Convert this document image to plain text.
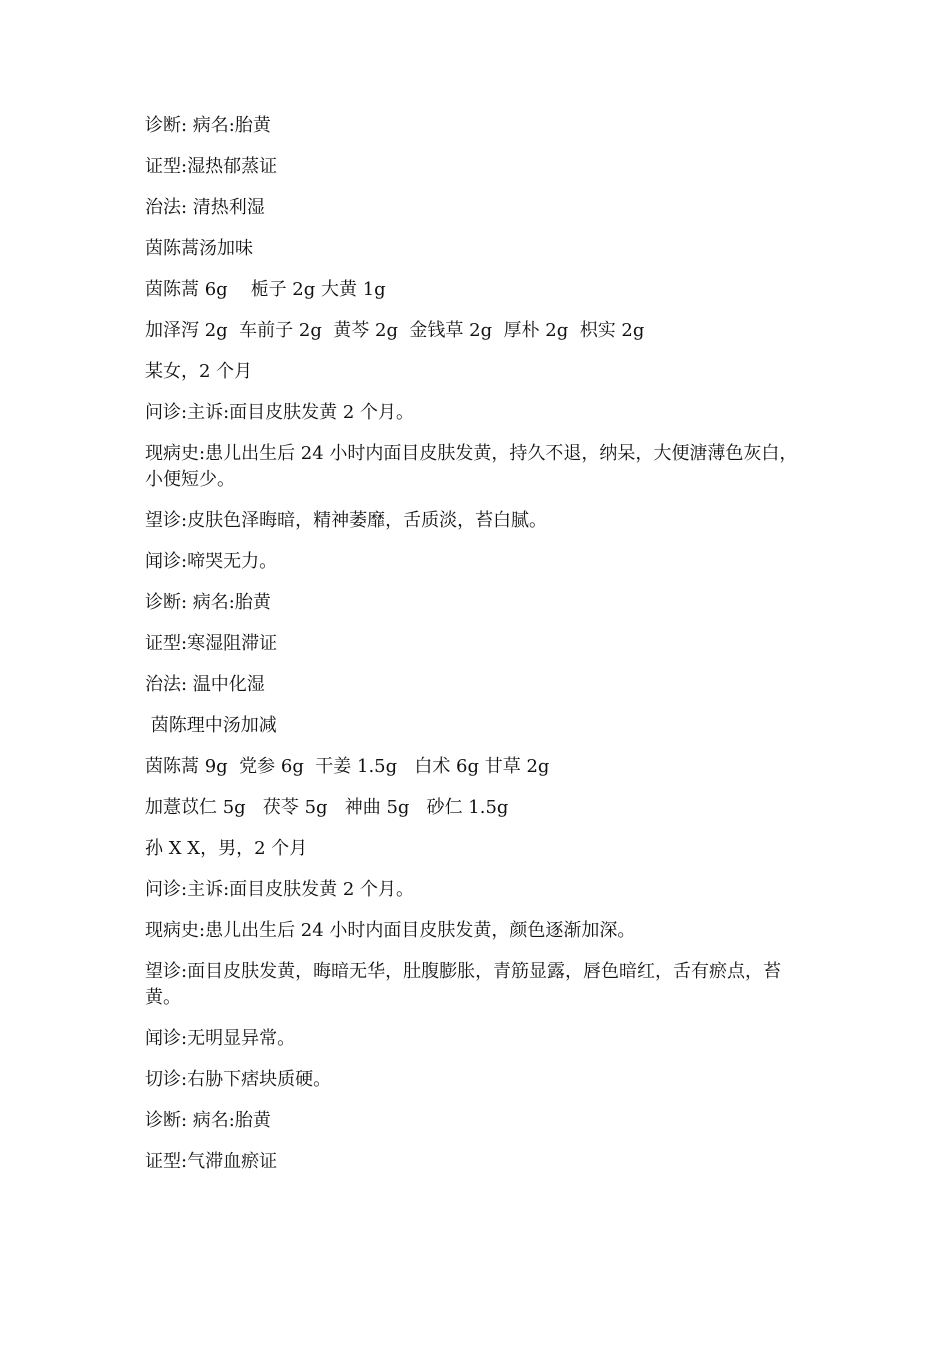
诊断: 病名:胎黄

证型:湿热郁蒸证

治法: 清热利湿

茵陈蒿汤加味

茵陈蒿 6g    栀子 2g 大黄 1g

加泽泻 2g  车前子 2g  黄芩 2g  金钱草 2g  厚朴 2g  枳实 2g

某女，2 个月

问诊:主诉:面目皮肤发黄 2 个月。

现病史:患儿出生后 24 小时内面目皮肤发黄，持久不退，纳呆，大便溏薄色灰白，小便短少。

望诊:皮肤色泽晦暗，精神萎靡，舌质淡，苔白腻。

闻诊:啼哭无力。

诊断: 病名:胎黄

证型:寒湿阻滞证

治法: 温中化湿

茵陈理中汤加减

茵陈蒿 9g  党参 6g  干姜 1.5g   白术 6g 甘草 2g

加薏苡仁 5g   茯苓 5g   神曲 5g   砂仁 1.5g

孙 X X，男，2 个月

问诊:主诉:面目皮肤发黄 2 个月。

现病史:患儿出生后 24 小时内面目皮肤发黄，颜色逐渐加深。

望诊:面目皮肤发黄，晦暗无华，肚腹膨胀，青筋显露，唇色暗红，舌有瘀点，苔黄。

闻诊:无明显异常。

切诊:右胁下痞块质硬。

诊断: 病名:胎黄

证型:气滞血瘀证
